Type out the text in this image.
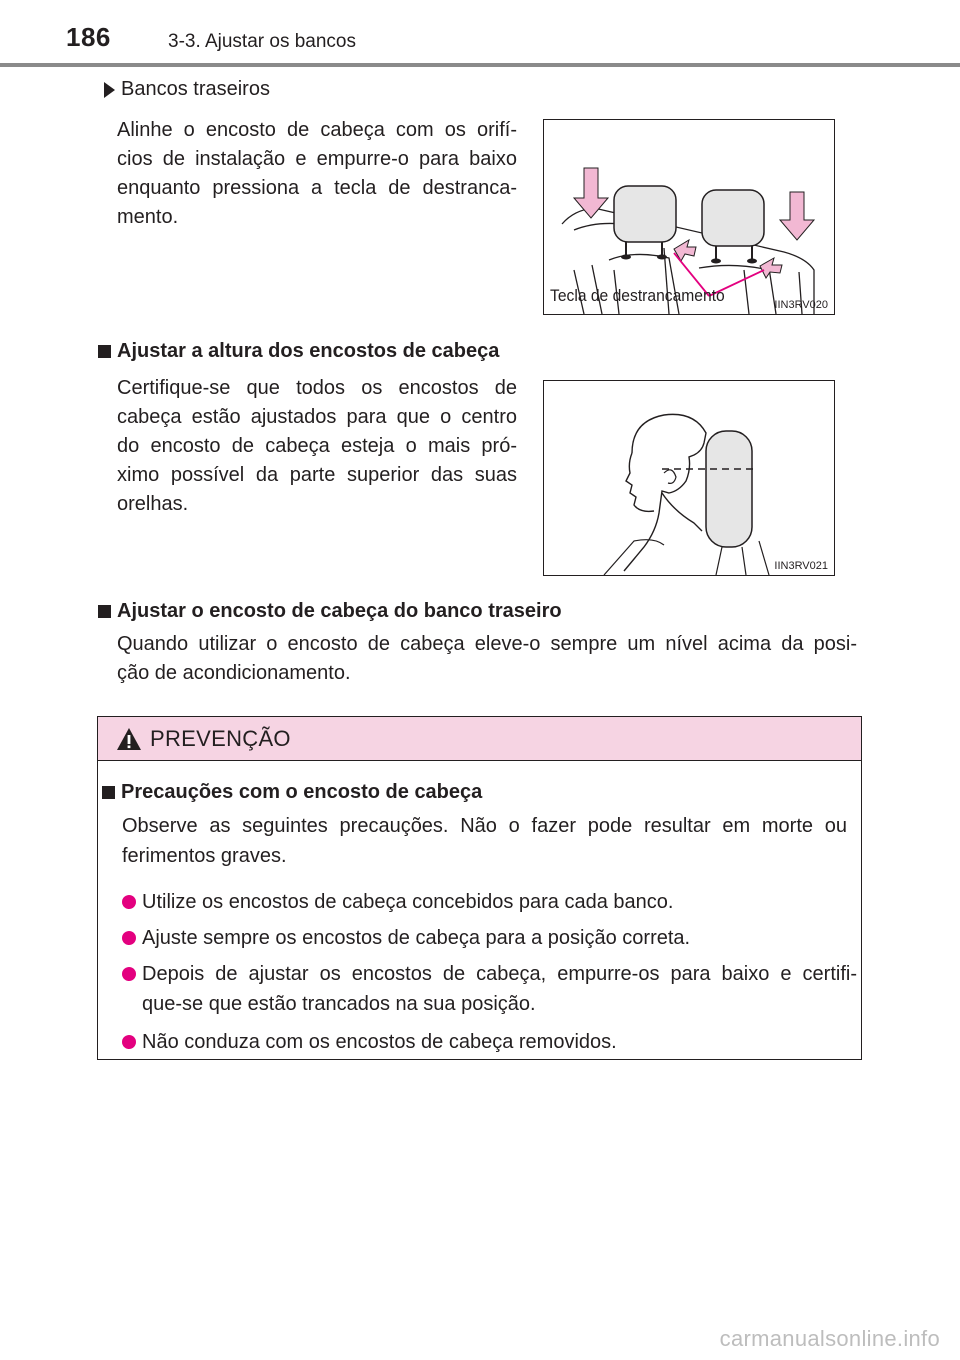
186	3-3. Ajustar os bancos
Bancos traseiros
Alinhe o encosto de cabeça com os orifí-
cios de instalação e empurre-o para baixo
enquanto pressiona a tecla de destranca-
mento.
Tecla de destrancamento	IIN3RV020
Ajustar a altura dos encostos de cabeça
Certifique-se que todos os encostos de
cabeça estão ajustados para que o centro
do encosto de cabeça esteja o mais pró-
ximo possível da parte superior das suas
orelhas.
IIN3RV021
Ajustar o encosto de cabeça do banco traseiro
Quando utilizar o encosto de cabeça eleve-o sempre um nível acima da posi-
ção de acondicionamento.
PREVENÇÃO
Precauções com o encosto de cabeça
Observe as seguintes precauções. Não o fazer pode resultar em morte ou
ferimentos graves.
Utilize os encostos de cabeça concebidos para cada banco.
Ajuste sempre os encostos de cabeça para a posição correta.
Depois de ajustar os encostos de cabeça, empurre-os para baixo e certifi-
que-se que estão trancados na sua posição.
Não conduza com os encostos de cabeça removidos.
carmanualsonline.info
